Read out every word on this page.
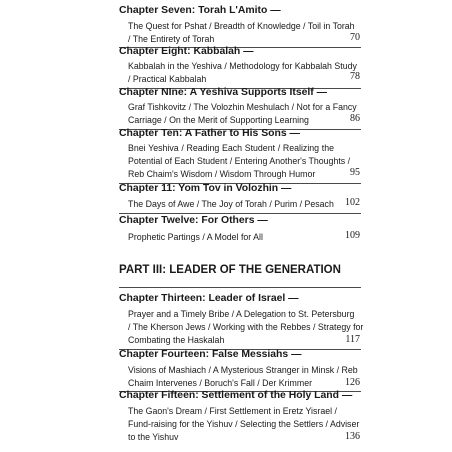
Chapter Seven: Torah L'Amito —
The Quest for Pshat / Breadth of Knowledge / Toil in Torah
/ The Entirety of Torah	70
Chapter Eight: Kabbalah —
Kabbalah in the Yeshiva / Methodology for Kabbalah Study
/ Practical Kabbalah	78
Chapter NIne: A Yeshiva Supports Itself —
Graf Tishkovitz / The Volozhin Meshulach / Not for a Fancy
Carriage / On the Merit of Supporting Learning	86
Chapter Ten: A Father to His Sons —
Bnei Yeshiva / Reading Each Student / Realizing the
Potential of Each Student / Entering Another's Thoughts /
Reb Chaim's Wisdom / Wisdom Through Humor	95
Chapter 11: Yom Tov in Volozhin —
The Days of Awe / The Joy of Torah / Purim / Pesach	102
Chapter Twelve: For Others —
Prophetic Partings / A Model for All	109
PART III: LEADER OF THE GENERATION
Chapter Thirteen: Leader of Israel —
Prayer and a Timely Bribe / A Delegation to St. Petersburg
/ The Kherson Jews / Working with the Rebbes / Strategy for
Combating the Haskalah	117
Chapter Fourteen: False Messiahs —
Visions of Mashiach / A Mysterious Stranger in Minsk / Reb
Chaim Intervenes / Boruch's Fall / Der Krimmer	126
Chapter Fifteen: Settlement of the Holy Land —
The Gaon's Dream / First Settlement in Eretz Yisrael /
Fund-raising for the Yishuv / Selecting the Settlers / Adviser
to the Yishuv	136
